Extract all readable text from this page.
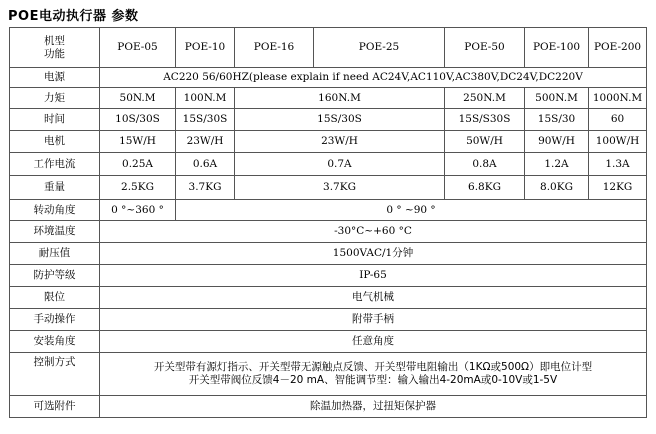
POE电动执行器 参数
机型
功能	POE-05	POE-10	POE-16	POE-25	POE-50	POE-100	POE-200	
电源	AC220 56/60HZ(please explain if need AC24V,AC110V,AC380V,DC24V,DC220V							
力矩	50N.M	100N.M	160N.M		250N.M	500N.M	1000N.M	
时间	10S/30S	15S/30S	15S/30S		15S/S30S	15S/30	60	
电机	15W/H	23W/H	23W/H		50W/H	90W/H	100W/H	
工作电流	0.25A	0.6A	0.7A		0.8A	1.2A	1.3A	
重量	2.5KG	3.7KG	3.7KG		6.8KG	8.0KG	12KG	
转动角度	0 °~360 °	0 ° ~90 °						
环境温度	-30°C~+60 °C							
耐压值	1500VAC/1分钟							
防护等级	IP-65							
限位	电气机械							
手动操作	附带手柄							
安装角度	任意角度							
控制方式	开关型带有源灯指示、开关型带无源触点反馈、开关型带电阻输出（1KΩ或500Ω）即电位计型
开关型带阀位反馈4－20 mA、智能调节型：输入输出4-20mA或0-10V或1-5V							

可选附件	除温加热器，过扭矩保护器							
